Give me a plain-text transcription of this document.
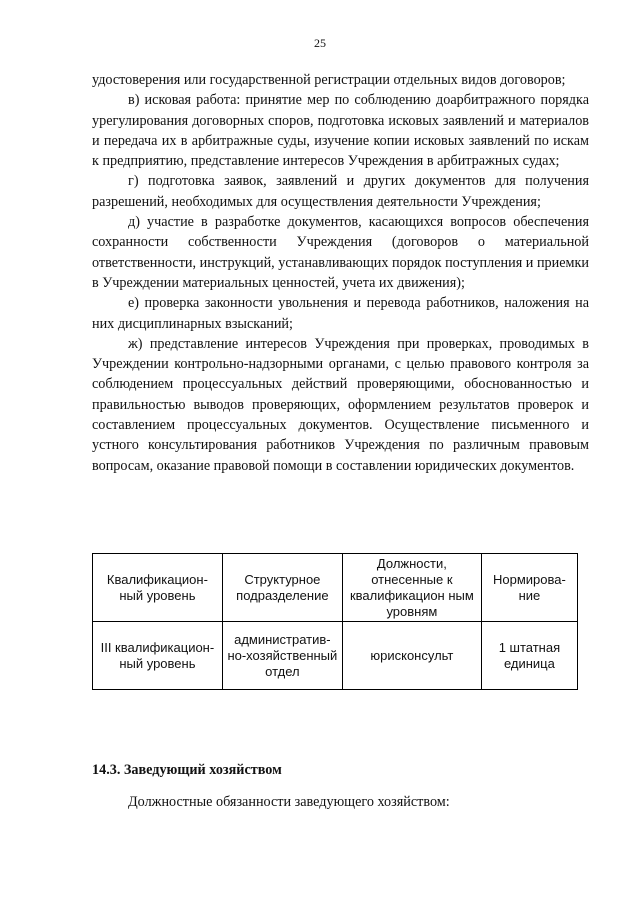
25

удостоверения или государственной регистрации отдельных видов договоров;

в) исковая работа: принятие мер по соблюдению доарбитражного порядка урегулирования договорных споров, подготовка исковых заявлений и материалов и передача их в арбитражные суды, изучение копии исковых заявлений по искам к предприятию, представление интересов Учреждения в арбитражных судах;

г) подготовка заявок, заявлений и других документов для получения разрешений, необходимых для осуществления деятельности Учреждения;

д) участие в разработке документов, касающихся вопросов обеспечения сохранности собственности Учреждения (договоров о материальной ответственности, инструкций, устанавливающих порядок поступления и приемки в Учреждении материальных ценностей, учета их движения);

е) проверка законности увольнения и перевода работников, наложения на них дисциплинарных взысканий;

ж) представление интересов Учреждения при проверках, проводимых в Учреждении контрольно-надзорными органами, с целью правового контроля за соблюдением процессуальных действий проверяющими, обоснованностью и правильностью выводов проверяющих, оформлением результатов проверок и составлением процессуальных документов. Осуществление письменного и устного консультирования работников Учреждения по различным правовым вопросам, оказание правовой помощи в составлении юридических документов.

Квалификацион-ный уровень	Структурное подразделение	Должности, отнесенные к квалификацион ным уровням	Нормирова-ние
III квалификацион-ный уровень	административ-но-хозяйственный отдел	юрисконсульт	1 штатная единица
14.3. Заведующий хозяйством
Должностные обязанности заведующего хозяйством:
